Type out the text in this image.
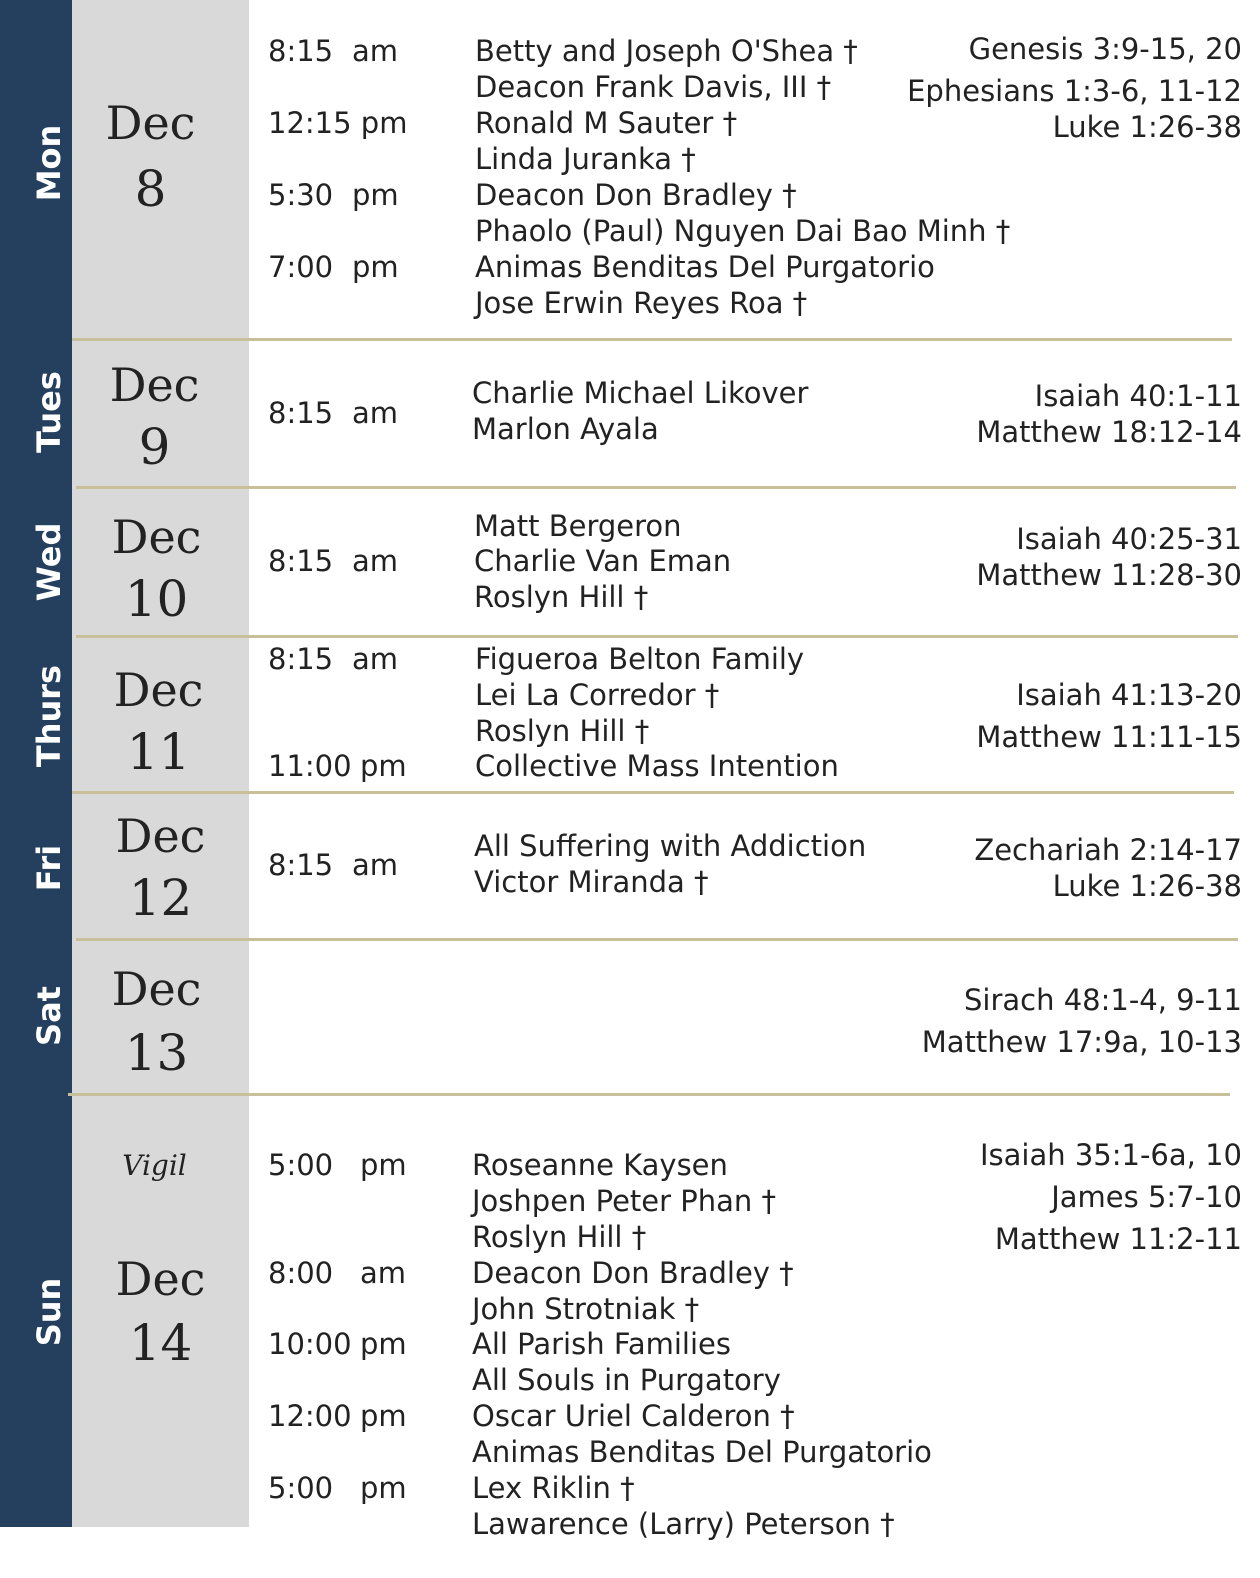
Mon
Dec
8
8:15 am
12:15 pm
5:30 pm
7:00 pm
Betty and Joseph O'Shea †
Deacon Frank Davis, III †
Ronald M Sauter †
Linda Juranka †
Deacon Don Bradley †
Phaolo (Paul) Nguyen Dai Bao Minh †
Animas Benditas Del Purgatorio
Jose Erwin Reyes Roa †
Genesis 3:9-15, 20
Ephesians 1:3-6, 11-12
Luke 1:26-38
Tues Dec
9
8:15 am
Charlie Michael Likover
Marlon Ayala
Isaiah 40:1-11
Matthew 18:12-14
Wed Dec
10
8:15 am
Matt Bergeron
Charlie Van Eman
Roslyn Hill †
Isaiah 40:25-31
Matthew 11:28-30
Thurs Dec
11
8:15 am
11:00 pm
Figueroa Belton Family
Lei La Corredor †
Roslyn Hill †
Collective Mass Intention
Isaiah 41:13-20
Matthew 11:11-15
Fri
Dec
12
8:15 am
All Suffering with Addiction
Victor Miranda †
Zechariah 2:14-17
Luke 1:26-38
Sat Dec
13
Sirach 48:1-4, 9-11
Matthew 17:9a, 10-13
Sun
Vigil
Dec
14
5:00 pm
8:00 am
10:00 pm
12:00 pm
5:00 pm
Roseanne Kaysen
Joshpen Peter Phan †
Roslyn Hill †
Deacon Don Bradley †
John Strotniak †
All Parish Families
All Souls in Purgatory
Oscar Uriel Calderon †
Animas Benditas Del Purgatorio
Lex Riklin †
Lawarence (Larry) Peterson †
Isaiah 35:1-6a, 10
James 5:7-10
Matthew 11:2-11
